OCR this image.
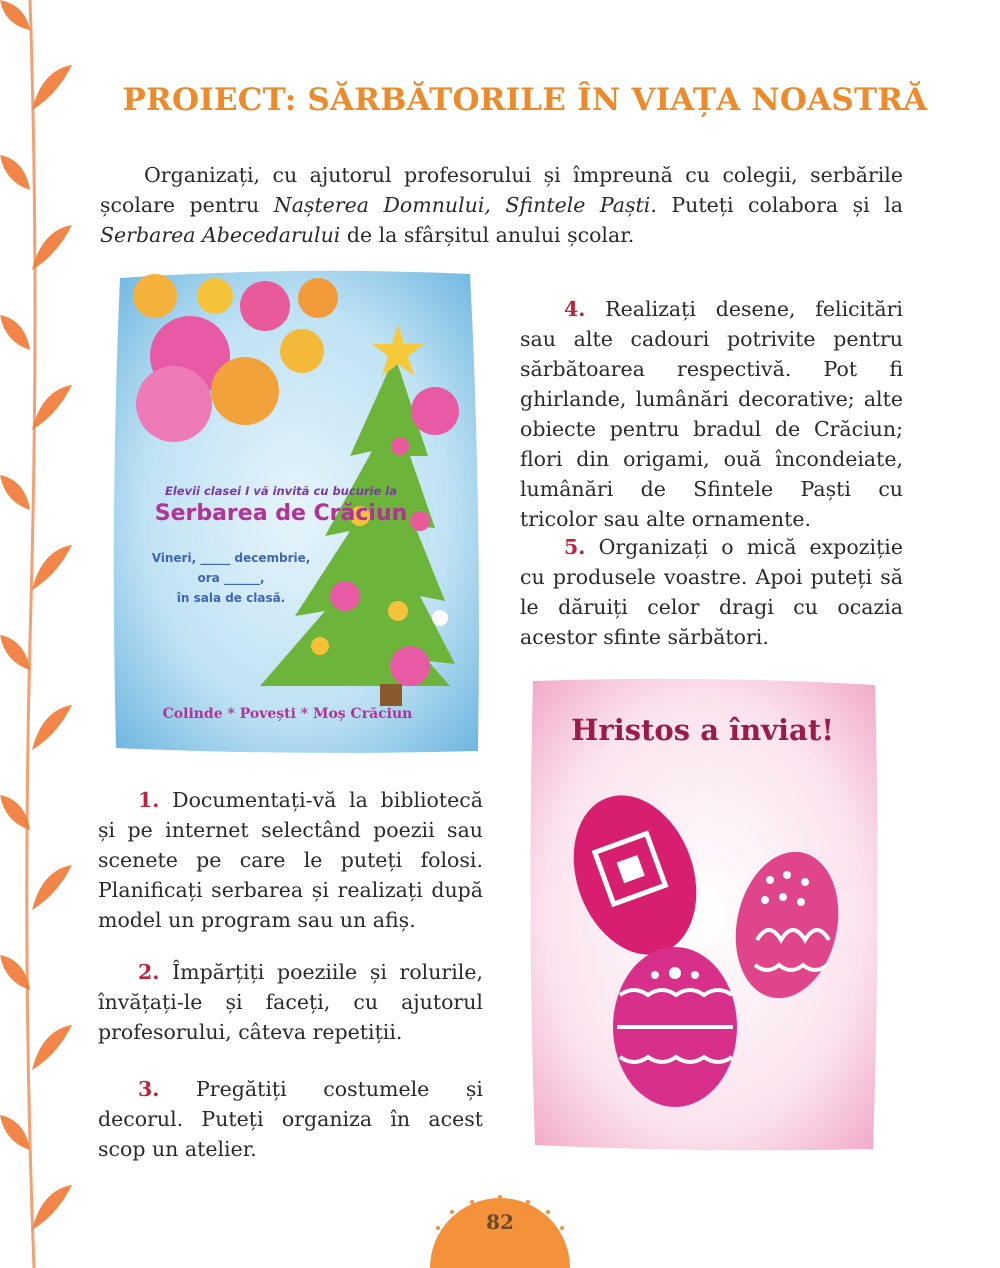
PROIECT: SĂRBĂTORILE ÎN VIAȚA NOASTRĂ

Organizați, cu ajutorul profesorului și împreună cu colegii, serbările școlare pentru Nașterea Domnului, Sfintele Paști. Puteți colabora și la Serbarea Abecedarului de la sfârșitul anului școlar.

Elevii clasei I vă invită cu bucurie la

Serbarea de Crăciun

Vineri, _____ decembrie,
ora ______,
în sala de clasă.
Colinde * Povești * Moș Crăciun

4. Realizați desene, felicitări sau alte cadouri potrivite pentru sărbătoarea respectivă. Pot fi ghirlande, lumânări decorative; alte obiecte pentru bradul de Crăciun; flori din origami, ouă încondeiate, lumânări de Sfintele Paști cu tricolor sau alte ornamente.

5. Organizați o mică expoziție cu produsele voastre. Apoi puteți să le dăruiți celor dragi cu ocazia acestor sfinte sărbători.

1. Documentați-vă la bibliotecă și pe internet selectând poezii sau scenete pe care le puteți folosi. Planificați serbarea și realizați după model un program sau un afiș.

2. Împărțiți poeziile și rolurile, învățați-le și faceți, cu ajutorul profesorului, câteva repetiții.

3. Pregătiți costumele și decorul. Puteți organiza în acest scop un atelier.

Hristos a înviat!

82
